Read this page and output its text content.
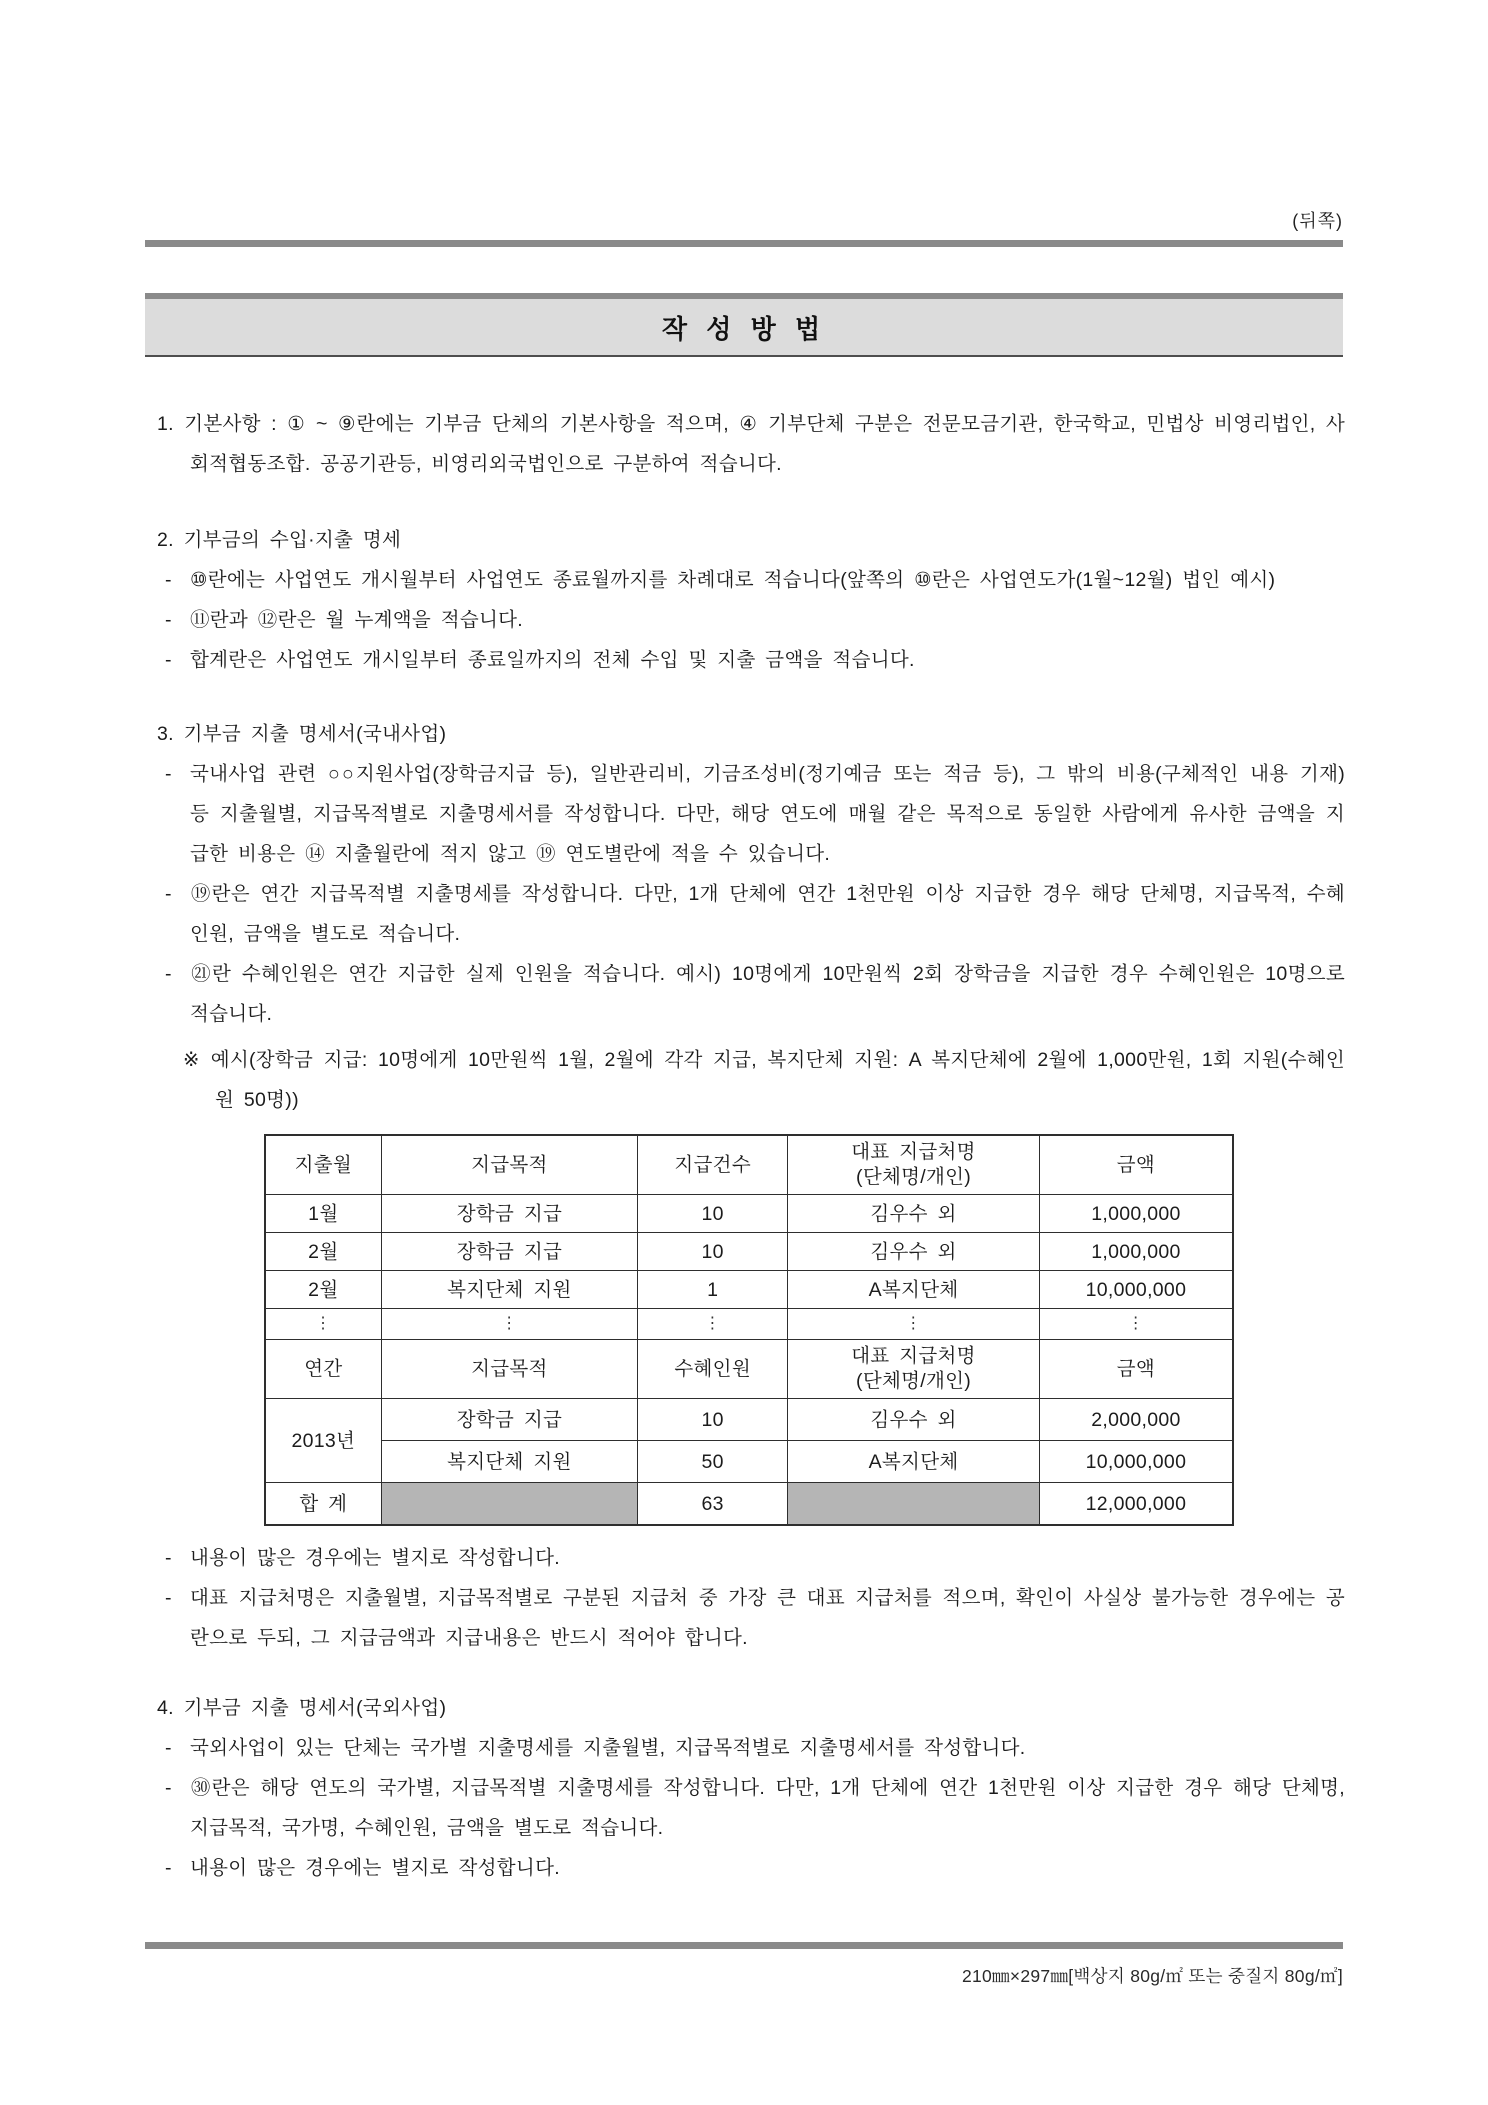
(뒤쪽)
작 성 방 법
1. 기본사항 : ① ~ ⑨란에는 기부금 단체의 기본사항을 적으며, ④ 기부단체 구분은 전문모금기관, 한국학교, 민법상 비영리법인, 사회적협동조합. 공공기관등, 비영리외국법인으로 구분하여 적습니다.
2. 기부금의 수입·지출 명세
- ⑩란에는 사업연도 개시월부터 사업연도 종료월까지를 차례대로 적습니다(앞쪽의 ⑩란은 사업연도가(1월~12월) 법인 예시)
- ⑪란과 ⑫란은 월 누계액을 적습니다.
- 합계란은 사업연도 개시일부터 종료일까지의 전체 수입 및 지출 금액을 적습니다.
3. 기부금 지출 명세서(국내사업)
- 국내사업 관련 ○○지원사업(장학금지급 등), 일반관리비, 기금조성비(정기예금 또는 적금 등), 그 밖의 비용(구체적인 내용 기재) 등 지출월별, 지급목적별로 지출명세서를 작성합니다. 다만, 해당 연도에 매월 같은 목적으로 동일한 사람에게 유사한 금액을 지급한 비용은 ⑭ 지출월란에 적지 않고 ⑲ 연도별란에 적을 수 있습니다.
- ⑲란은 연간 지급목적별 지출명세를 작성합니다. 다만, 1개 단체에 연간 1천만원 이상 지급한 경우 해당 단체명, 지급목적, 수혜인원, 금액을 별도로 적습니다.
- ㉑란 수혜인원은 연간 지급한 실제 인원을 적습니다. 예시) 10명에게 10만원씩 2회 장학금을 지급한 경우 수혜인원은 10명으로 적습니다.
※ 예시(장학금 지급: 10명에게 10만원씩 1월, 2월에 각각 지급, 복지단체 지원: A 복지단체에 2월에 1,000만원, 1회 지원(수혜인원 50명))
지출월	지급목적	지급건수	대표 지급처명
(단체명/개인)	금액
1월	장학금 지급	10	김우수 외	1,000,000
2월	장학금 지급	10	김우수 외	1,000,000
2월	복지단체 지원	1	A복지단체	10,000,000
⋮	⋮	⋮	⋮	⋮
연간	지급목적	수혜인원	대표 지급처명
(단체명/개인)	금액
2013년	장학금 지급	10	김우수 외	2,000,000
	복지단체 지원	50	A복지단체	10,000,000
합 계		63		12,000,000
- 내용이 많은 경우에는 별지로 작성합니다.
- 대표 지급처명은 지출월별, 지급목적별로 구분된 지급처 중 가장 큰 대표 지급처를 적으며, 확인이 사실상 불가능한 경우에는 공란으로 두되, 그 지급금액과 지급내용은 반드시 적어야 합니다.
4. 기부금 지출 명세서(국외사업)
- 국외사업이 있는 단체는 국가별 지출명세를 지출월별, 지급목적별로 지출명세서를 작성합니다.
- ㉚란은 해당 연도의 국가별, 지급목적별 지출명세를 작성합니다. 다만, 1개 단체에 연간 1천만원 이상 지급한 경우 해당 단체명, 지급목적, 국가명, 수혜인원, 금액을 별도로 적습니다.
- 내용이 많은 경우에는 별지로 작성합니다.
210㎜×297㎜[백상지 80g/㎡ 또는 중질지 80g/㎡]
